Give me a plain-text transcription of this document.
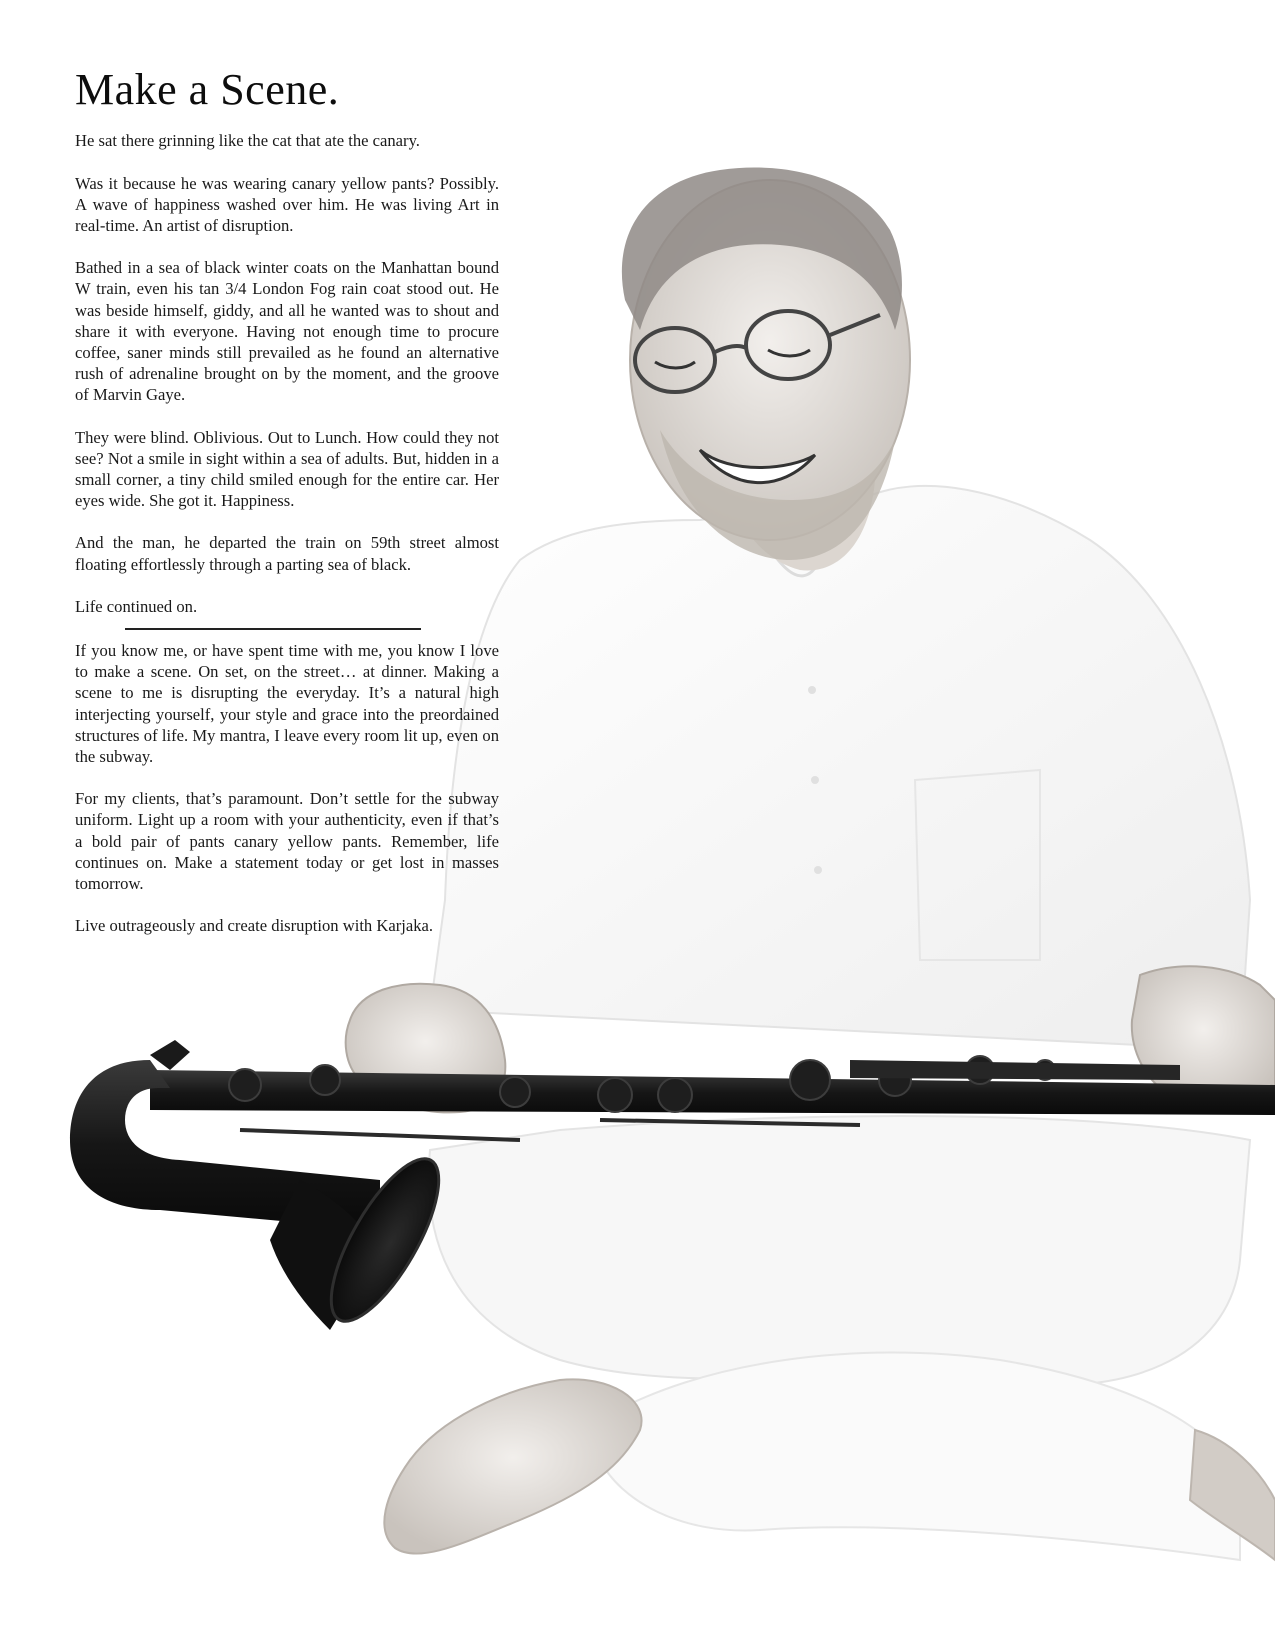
Make a Scene.

He sat there grinning like the cat that ate the canary.

Was it because he was wearing canary yellow pants? Possibly. A wave of happiness washed over him. He was living Art in real-time. An artist of disruption.

Bathed in a sea of black winter coats on the Manhattan bound W train, even his tan 3/4 London Fog rain coat stood out. He was beside himself, giddy, and all he wanted was to shout and share it with everyone. Having not enough time to procure coffee, saner minds still prevailed as he found an alternative rush of adrenaline brought on by the moment, and the groove of Marvin Gaye.

They were blind. Oblivious. Out to Lunch. How could they not see? Not a smile in sight within a sea of adults. But, hidden in a small corner, a tiny child smiled enough for the entire car. Her eyes wide. She got it. Happiness.

And the man, he departed the train on 59th street almost floating effortlessly through a parting sea of black.

Life continued on.

If you know me, or have spent time with me, you know I love to make a scene. On set, on the street… at dinner. Making a scene to me is disrupting the everyday. It’s a natural high interjecting yourself, your style and grace into the preordained structures of life. My mantra, I leave every room lit up, even on the subway.

For my clients, that’s paramount. Don’t settle for the subway uniform. Light up a room with your authenticity, even if that’s a bold pair of pants canary yellow pants. Remember, life continues on. Make a statement today or get lost in masses tomorrow.

Live outrageously and create disruption with Karjaka.
